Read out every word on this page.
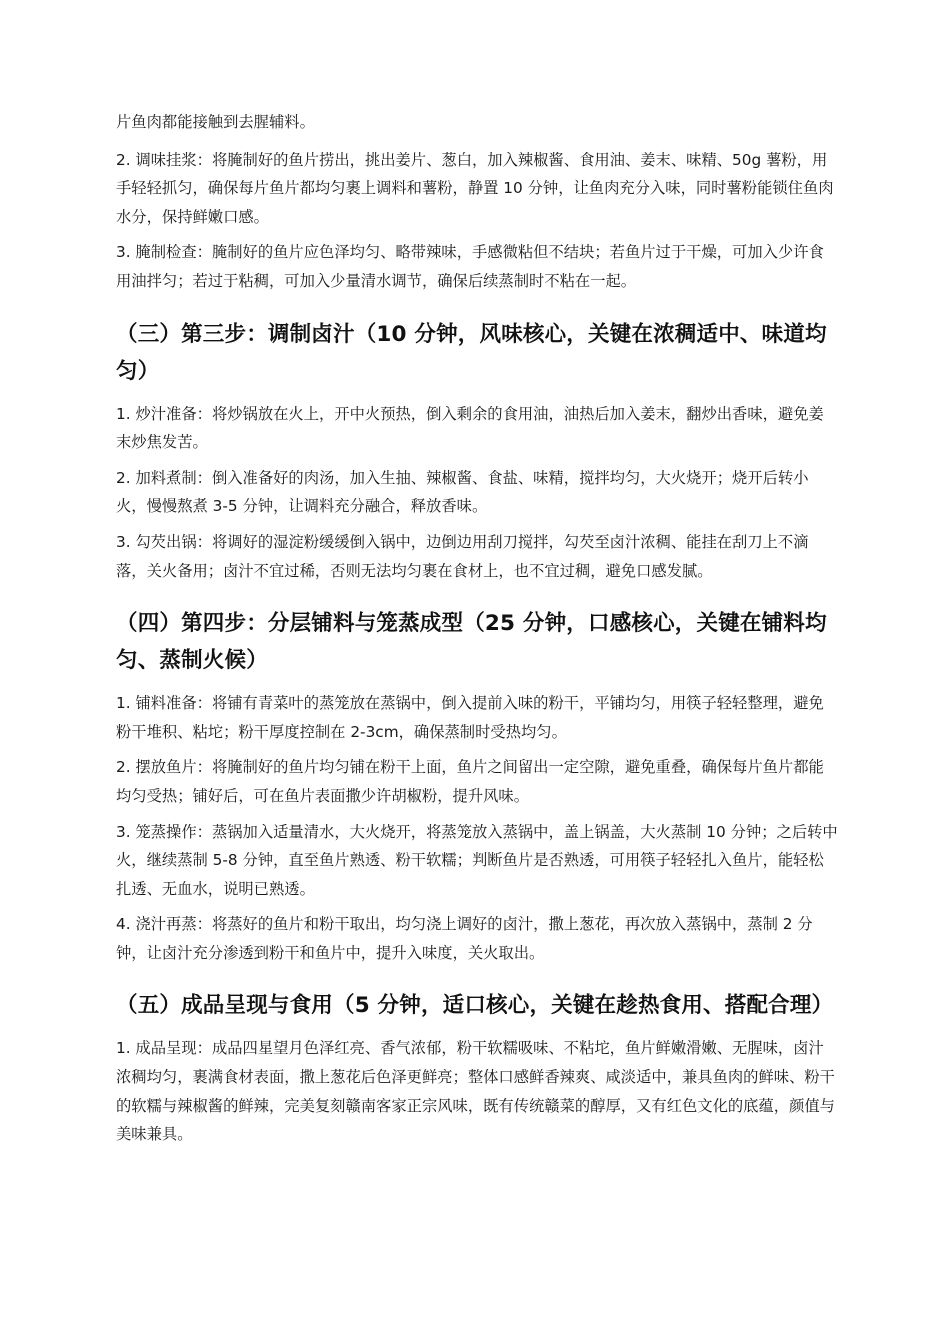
片鱼肉都能接触到去腥辅料。

2. 调味挂浆：将腌制好的鱼片捞出，挑出姜片、葱白，加入辣椒酱、食用油、姜末、味精、50g 薯粉，用手轻轻抓匀，确保每片鱼片都均匀裹上调料和薯粉，静置 10 分钟，让鱼肉充分入味，同时薯粉能锁住鱼肉水分，保持鲜嫩口感。

3. 腌制检查：腌制好的鱼片应色泽均匀、略带辣味，手感微粘但不结块；若鱼片过于干燥，可加入少许食用油拌匀；若过于粘稠，可加入少量清水调节，确保后续蒸制时不粘在一起。

（三）第三步：调制卤汁（10 分钟，风味核心，关键在浓稠适中、味道均匀）

1. 炒汁准备：将炒锅放在火上，开中火预热，倒入剩余的食用油，油热后加入姜末，翻炒出香味，避免姜末炒焦发苦。

2. 加料煮制：倒入准备好的肉汤，加入生抽、辣椒酱、食盐、味精，搅拌均匀，大火烧开；烧开后转小火，慢慢熬煮 3-5 分钟，让调料充分融合，释放香味。

3. 勾芡出锅：将调好的湿淀粉缓缓倒入锅中，边倒边用刮刀搅拌，勾芡至卤汁浓稠、能挂在刮刀上不滴落，关火备用；卤汁不宜过稀，否则无法均匀裹在食材上，也不宜过稠，避免口感发腻。

（四）第四步：分层铺料与笼蒸成型（25 分钟，口感核心，关键在铺料均匀、蒸制火候）

1. 铺料准备：将铺有青菜叶的蒸笼放在蒸锅中，倒入提前入味的粉干，平铺均匀，用筷子轻轻整理，避免粉干堆积、粘坨；粉干厚度控制在 2-3cm，确保蒸制时受热均匀。

2. 摆放鱼片：将腌制好的鱼片均匀铺在粉干上面，鱼片之间留出一定空隙，避免重叠，确保每片鱼片都能均匀受热；铺好后，可在鱼片表面撒少许胡椒粉，提升风味。

3. 笼蒸操作：蒸锅加入适量清水，大火烧开，将蒸笼放入蒸锅中，盖上锅盖，大火蒸制 10 分钟；之后转中火，继续蒸制 5-8 分钟，直至鱼片熟透、粉干软糯；判断鱼片是否熟透，可用筷子轻轻扎入鱼片，能轻松扎透、无血水，说明已熟透。

4. 浇汁再蒸：将蒸好的鱼片和粉干取出，均匀浇上调好的卤汁，撒上葱花，再次放入蒸锅中，蒸制 2 分钟，让卤汁充分渗透到粉干和鱼片中，提升入味度，关火取出。

（五）成品呈现与食用（5 分钟，适口核心，关键在趁热食用、搭配合理）

1. 成品呈现：成品四星望月色泽红亮、香气浓郁，粉干软糯吸味、不粘坨，鱼片鲜嫩滑嫩、无腥味，卤汁浓稠均匀，裹满食材表面，撒上葱花后色泽更鲜亮；整体口感鲜香辣爽、咸淡适中，兼具鱼肉的鲜味、粉干的软糯与辣椒酱的鲜辣，完美复刻赣南客家正宗风味，既有传统赣菜的醇厚，又有红色文化的底蕴，颜值与美味兼具。
